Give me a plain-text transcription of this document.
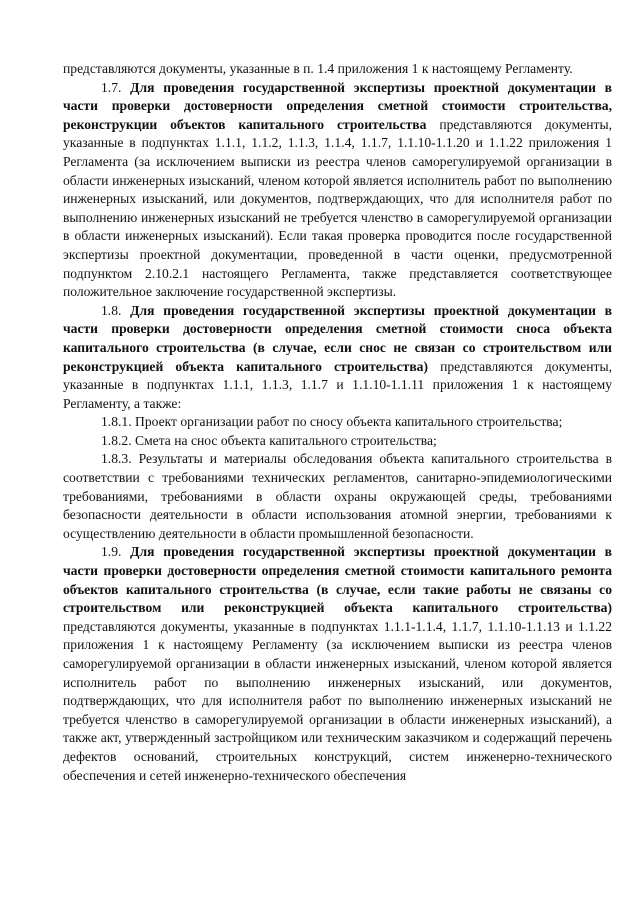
представляются документы, указанные в п. 1.4 приложения 1 к настоящему Регламенту.

1.7. Для проведения государственной экспертизы проектной документации в части проверки достоверности определения сметной стоимости строительства, реконструкции объектов капитального строительства представляются документы, указанные в подпунктах 1.1.1, 1.1.2, 1.1.3, 1.1.4, 1.1.7, 1.1.10-1.1.20 и 1.1.22 приложения 1 Регламента (за исключением выписки из реестра членов саморегулируемой организации в области инженерных изысканий, членом которой является исполнитель работ по выполнению инженерных изысканий, или документов, подтверждающих, что для исполнителя работ по выполнению инженерных изысканий не требуется членство в саморегулируемой организации в области инженерных изысканий). Если такая проверка проводится после государственной экспертизы проектной документации, проведенной в части оценки, предусмотренной подпунктом 2.10.2.1 настоящего Регламента, также представляется соответствующее положительное заключение государственной экспертизы.

1.8. Для проведения государственной экспертизы проектной документации в части проверки достоверности определения сметной стоимости сноса объекта капитального строительства (в случае, если снос не связан со строительством или реконструкцией объекта капитального строительства) представляются документы, указанные в подпунктах 1.1.1, 1.1.3, 1.1.7 и 1.1.10-1.1.11 приложения 1 к настоящему Регламенту, а также:

1.8.1. Проект организации работ по сносу объекта капитального строительства;

1.8.2. Смета на снос объекта капитального строительства;

1.8.3. Результаты и материалы обследования объекта капитального строительства в соответствии с требованиями технических регламентов, санитарно-эпидемиологическими требованиями, требованиями в области охраны окружающей среды, требованиями безопасности деятельности в области использования атомной энергии, требованиями к осуществлению деятельности в области промышленной безопасности.

1.9. Для проведения государственной экспертизы проектной документации в части проверки достоверности определения сметной стоимости капитального ремонта объектов капитального строительства (в случае, если такие работы не связаны со строительством или реконструкцией объекта капитального строительства) представляются документы, указанные в подпунктах 1.1.1-1.1.4, 1.1.7, 1.1.10-1.1.13 и 1.1.22 приложения 1 к настоящему Регламенту (за исключением выписки из реестра членов саморегулируемой организации в области инженерных изысканий, членом которой является исполнитель работ по выполнению инженерных изысканий, или документов, подтверждающих, что для исполнителя работ по выполнению инженерных изысканий не требуется членство в саморегулируемой организации в области инженерных изысканий), а также акт, утвержденный застройщиком или техническим заказчиком и содержащий перечень дефектов оснований, строительных конструкций, систем инженерно-технического обеспечения и сетей инженерно-технического обеспечения
